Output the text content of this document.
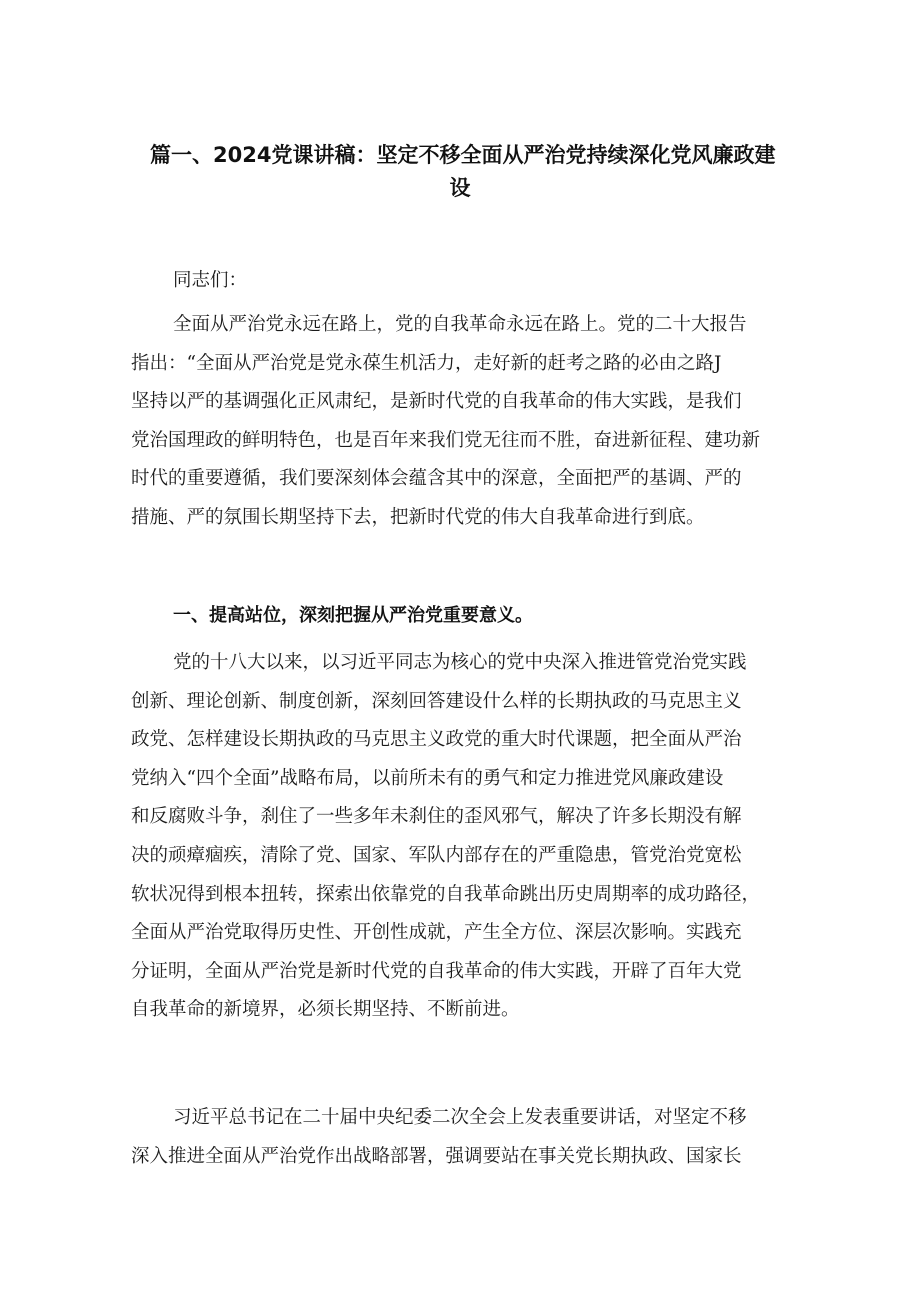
篇一、2024党课讲稿：坚定不移全面从严治党持续深化党风廉政建
设
同志们：
全面从严治党永远在路上，党的自我革命永远在路上。党的二十大报告
指出：“全面从严治党是党永葆生机活力，走好新的赶考之路的必由之路J
坚持以严的基调强化正风肃纪，是新时代党的自我革命的伟大实践，是我们
党治国理政的鲜明特色，也是百年来我们党无往而不胜，奋进新征程、建功新
时代的重要遵循，我们要深刻体会蕴含其中的深意，全面把严的基调、严的
措施、严的氛围长期坚持下去，把新时代党的伟大自我革命进行到底。
一、提高站位，深刻把握从严治党重要意义。
党的十八大以来，以习近平同志为核心的党中央深入推进管党治党实践
创新、理论创新、制度创新，深刻回答建设什么样的长期执政的马克思主义
政党、怎样建设长期执政的马克思主义政党的重大时代课题，把全面从严治
党纳入“四个全面”战略布局，以前所未有的勇气和定力推进党风廉政建设
和反腐败斗争，刹住了一些多年未刹住的歪风邪气，解决了许多长期没有解
决的顽瘴痼疾，清除了党、国家、军队内部存在的严重隐患，管党治党宽松
软状况得到根本扭转，探索出依靠党的自我革命跳出历史周期率的成功路径，
全面从严治党取得历史性、开创性成就，产生全方位、深层次影响。实践充
分证明，全面从严治党是新时代党的自我革命的伟大实践，开辟了百年大党
自我革命的新境界，必须长期坚持、不断前进。
习近平总书记在二十届中央纪委二次全会上发表重要讲话，对坚定不移
深入推进全面从严治党作出战略部署，强调要站在事关党长期执政、国家长
